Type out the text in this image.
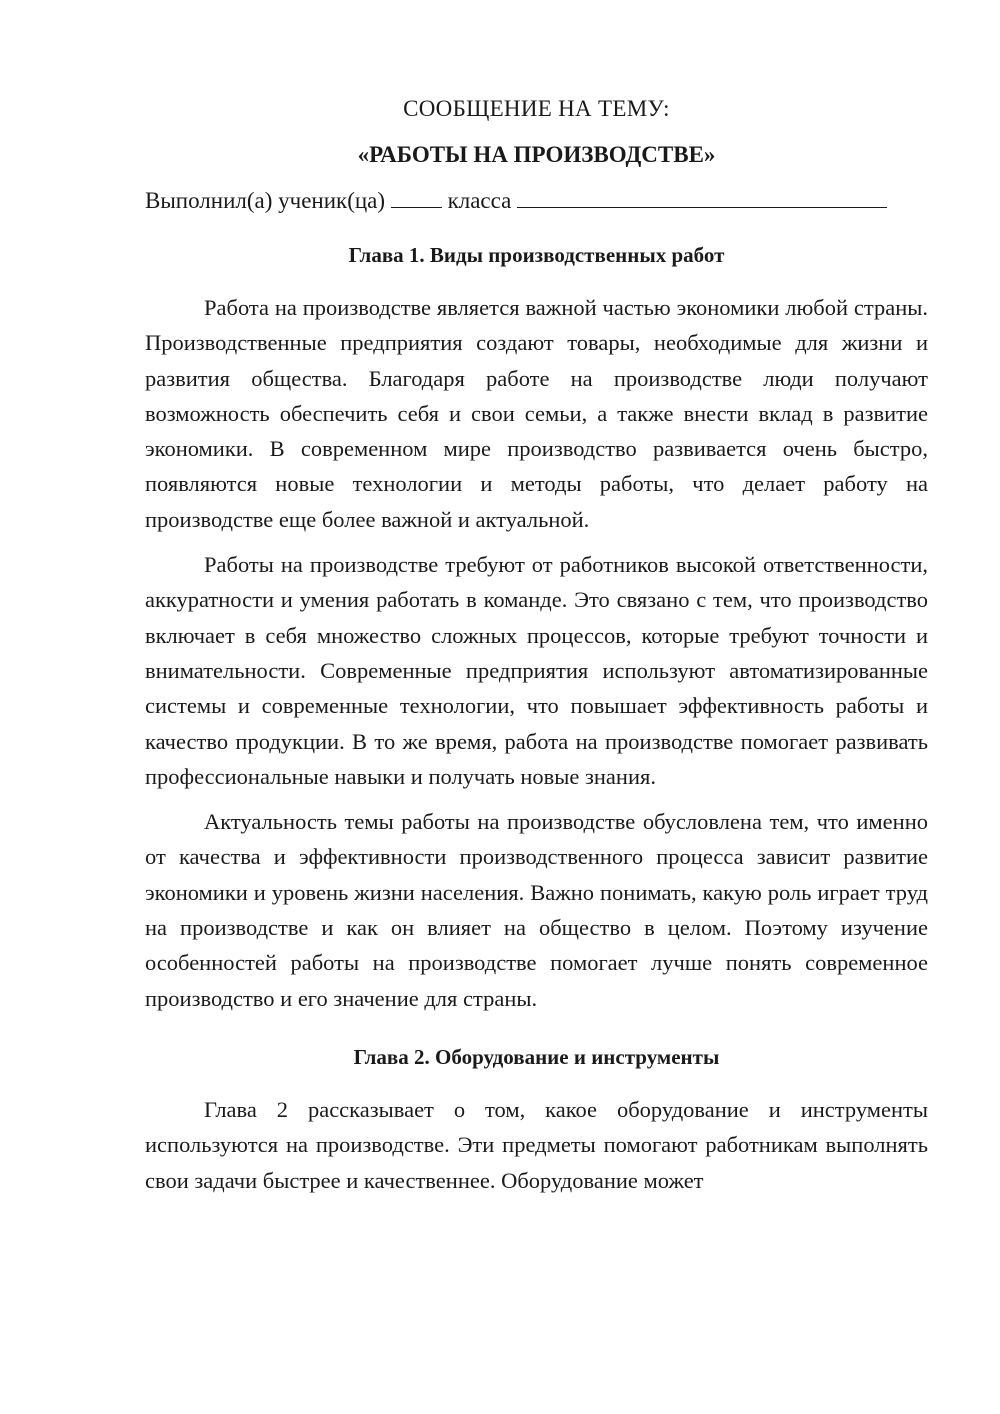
СООБЩЕНИЕ НА ТЕМУ:

«РАБОТЫ НА ПРОИЗВОДСТВЕ»

Выполнил(а) ученик(ца)	класса
Глава 1. Виды производственных работ

Работа на производстве является важной частью экономики любой страны. Производственные предприятия создают товары, необходимые для жизни и развития общества. Благодаря работе на производстве люди получают возможность обеспечить себя и свои семьи, а также внести вклад в развитие экономики. В современном мире производство развивается очень быстро, появляются новые технологии и методы работы, что делает работу на производстве еще более важной и актуальной.

Работы на производстве требуют от работников высокой ответственности, аккуратности и умения работать в команде. Это связано с тем, что производство включает в себя множество сложных процессов, которые требуют точности и внимательности. Современные предприятия используют автоматизированные системы и современные технологии, что повышает эффективность работы и качество продукции. В то же время, работа на производстве помогает развивать профессиональные навыки и получать новые знания.

Актуальность темы работы на производстве обусловлена тем, что именно от качества и эффективности производственного процесса зависит развитие экономики и уровень жизни населения. Важно понимать, какую роль играет труд на производстве и как он влияет на общество в целом. Поэтому изучение особенностей работы на производстве помогает лучше понять современное производство и его значение для страны.

Глава 2. Оборудование и инструменты

Глава 2 рассказывает о том, какое оборудование и инструменты используются на производстве. Эти предметы помогают работникам выполнять свои задачи быстрее и качественнее. Оборудование может
